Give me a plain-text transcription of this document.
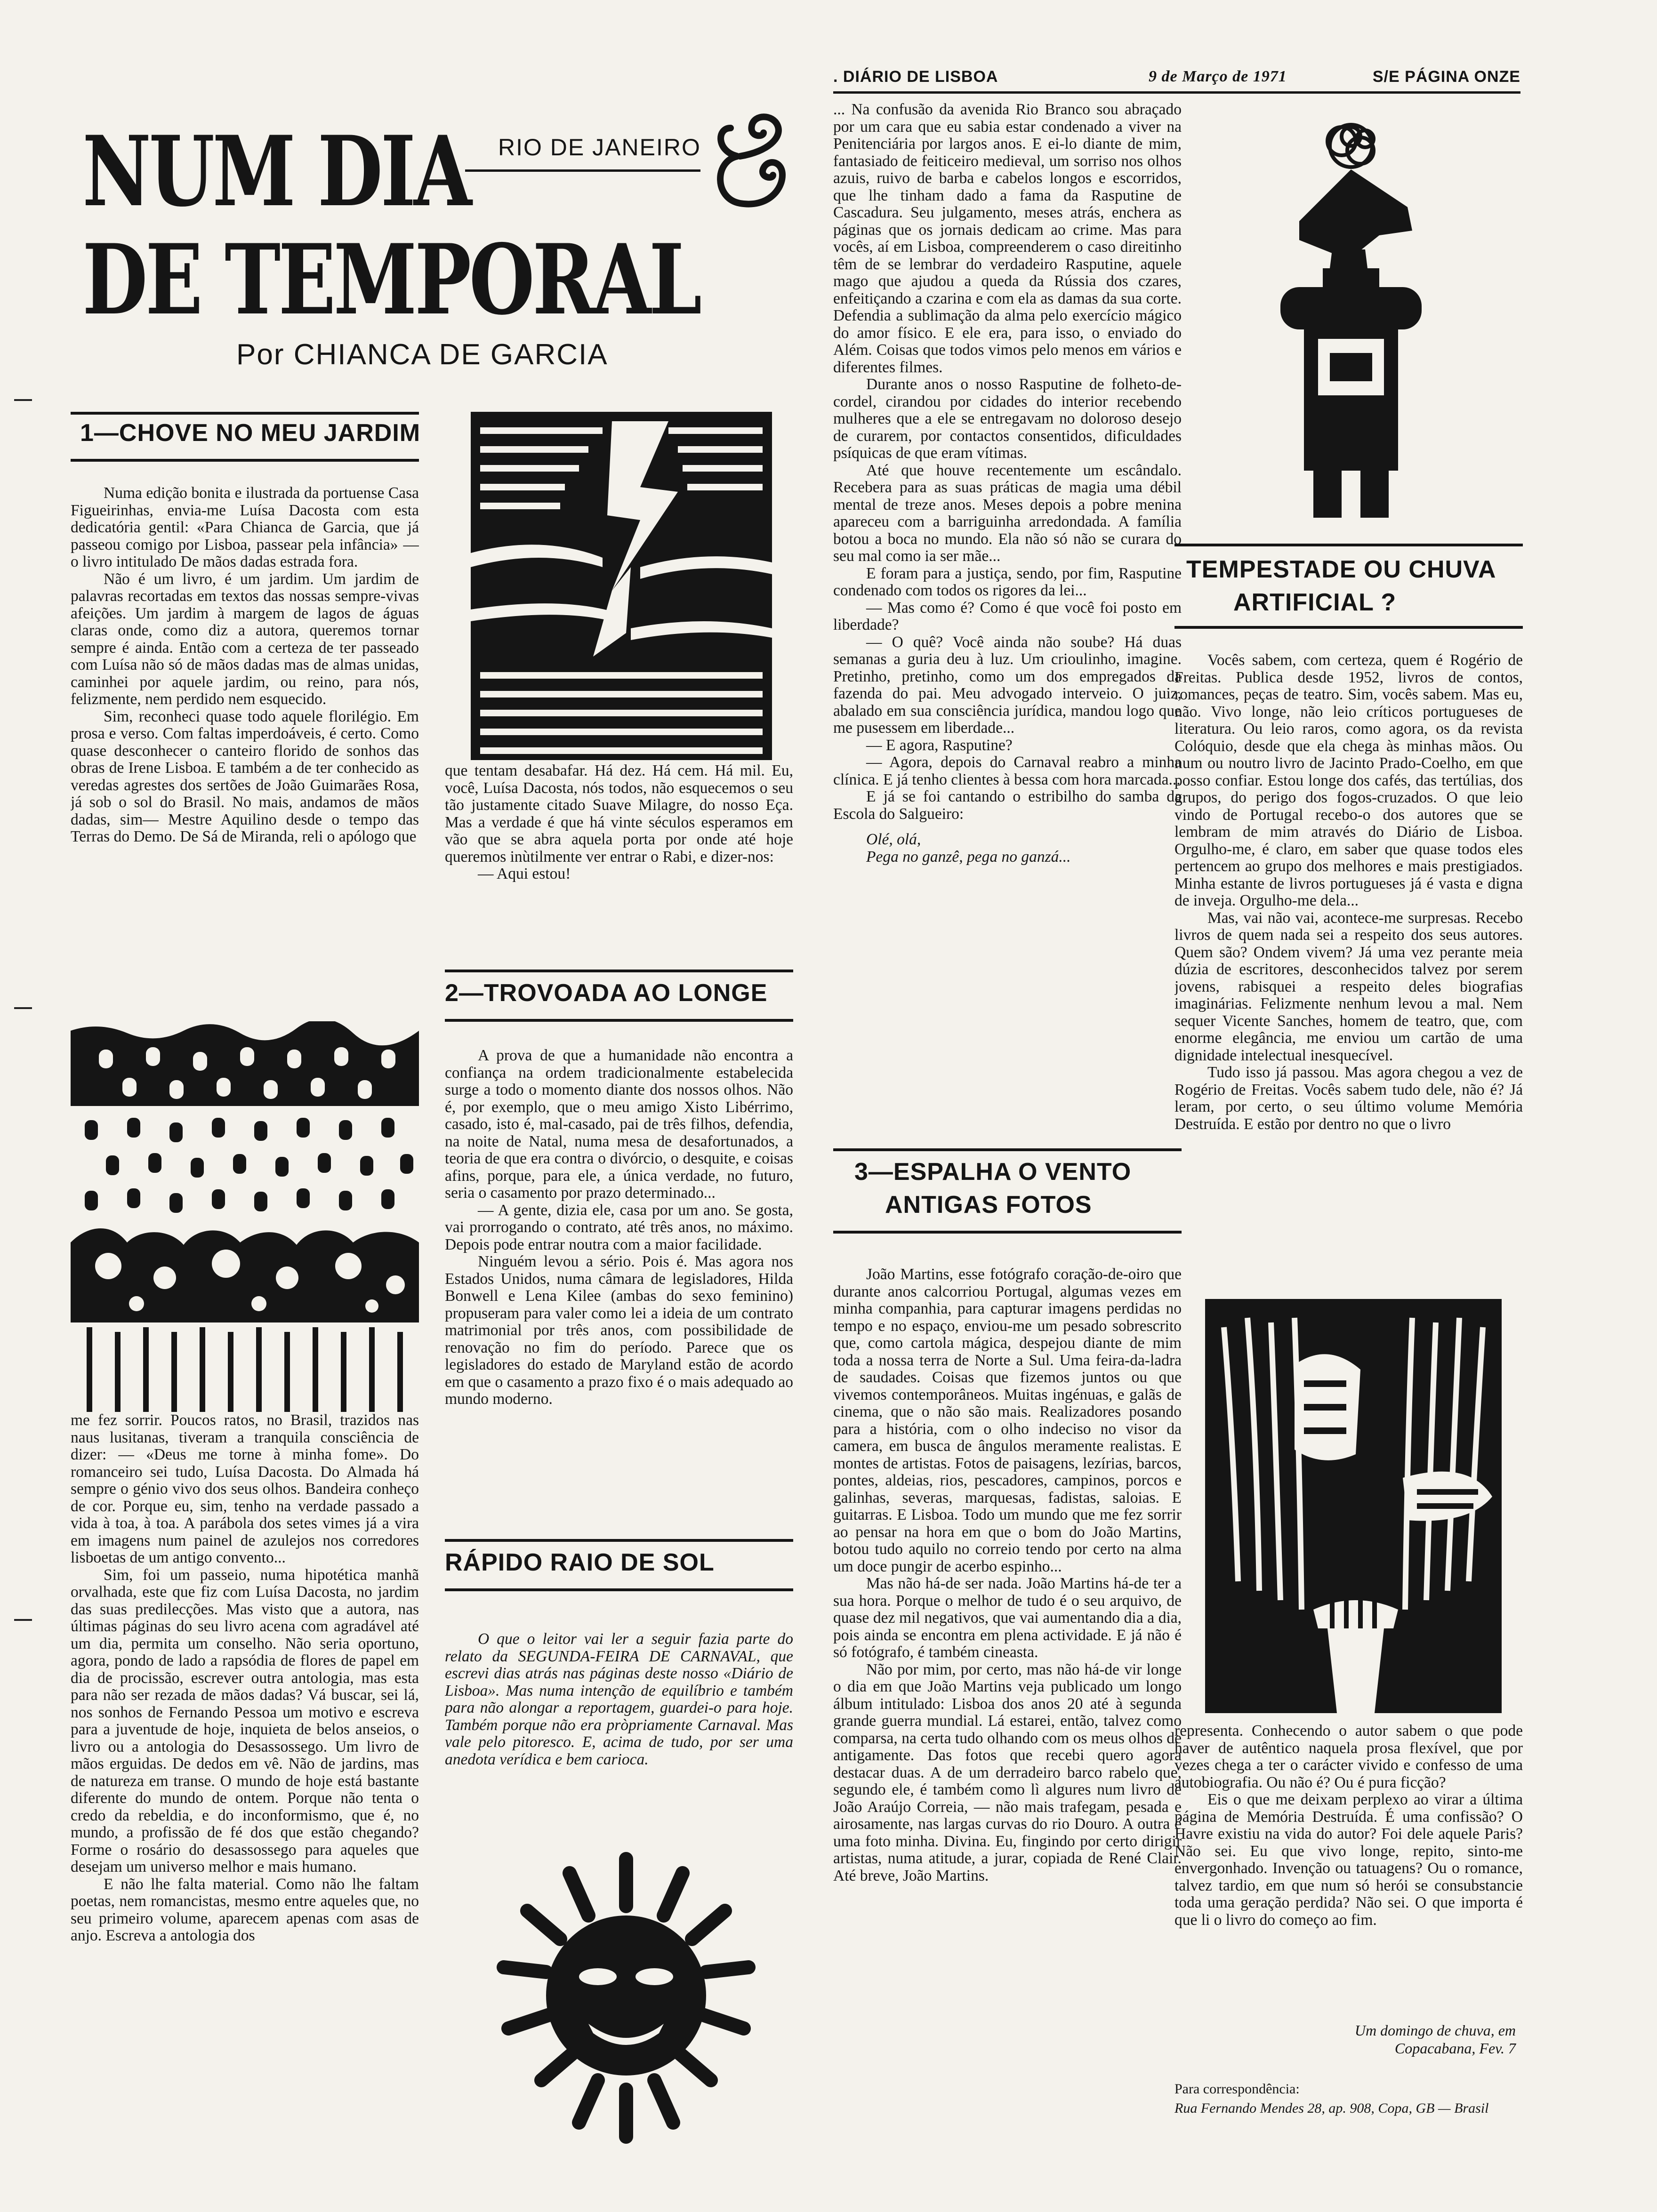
. DIÁRIO DE LISBOA	9 de Março de 1971	S/E PÁGINA ONZE
NUM DIA
DE TEMPORAL
RIO DE JANEIRO
Por CHIANCA DE GARCIA
1—CHOVE NO MEU JARDIM

Numa edição bonita e ilustrada da portuense Casa Figueirinhas, envia-me Luísa Dacosta com esta dedicatória gentil: «Para Chianca de Garcia, que já passeou comigo por Lisboa, passear pela infância» — o livro intitulado De mãos dadas estrada fora.

Não é um livro, é um jardim. Um jardim de palavras recortadas em textos das nossas sempre-vivas afeições. Um jardim à margem de lagos de águas claras onde, como diz a autora, queremos tornar sempre é ainda. Então com a certeza de ter passeado com Luísa não só de mãos dadas mas de almas unidas, caminhei por aquele jardim, ou reino, para nós, felizmente, nem perdido nem esquecido.

Sim, reconheci quase todo aquele florilégio. Em prosa e verso. Com faltas imperdoáveis, é certo. Como quase desconhecer o canteiro florido de sonhos das obras de Irene Lisboa. E também a de ter conhecido as veredas agrestes dos sertões de João Guimarães Rosa, já sob o sol do Brasil. No mais, andamos de mãos dadas, sim— Mestre Aquilino desde o tempo das Terras do Demo. De Sá de Miranda, reli o apólogo que

me fez sorrir. Poucos ratos, no Brasil, trazidos nas naus lusitanas, tiveram a tranquila consciência de dizer: — «Deus me torne à minha fome». Do romanceiro sei tudo, Luísa Dacosta. Do Almada há sempre o génio vivo dos seus olhos. Bandeira conheço de cor. Porque eu, sim, tenho na verdade passado a vida à toa, à toa. A parábola dos setes vimes já a vira em imagens num painel de azulejos nos corredores lisboetas de um antigo convento...

Sim, foi um passeio, numa hipotética manhã orvalhada, este que fiz com Luísa Dacosta, no jardim das suas predilecções. Mas visto que a autora, nas últimas páginas do seu livro acena com agradável até um dia, permita um conselho. Não seria oportuno, agora, pondo de lado a rapsódia de flores de papel em dia de procissão, escrever outra antologia, mas esta para não ser rezada de mãos dadas? Vá buscar, sei lá, nos sonhos de Fernando Pessoa um motivo e escreva para a juventude de hoje, inquieta de belos anseios, o livro ou a antologia do Desassossego. Um livro de mãos erguidas. De dedos em vê. Não de jardins, mas de natureza em transe. O mundo de hoje está bastante diferente do mundo de ontem. Porque não tenta o credo da rebeldia, e do inconformismo, que é, no mundo, a profissão de fé dos que estão chegando? Forme o rosário do desassossego para aqueles que desejam um universo melhor e mais humano.

E não lhe falta material. Como não lhe faltam poetas, nem romancistas, mesmo entre aqueles que, no seu primeiro volume, aparecem apenas com asas de anjo. Escreva a antologia dos

que tentam desabafar. Há dez. Há cem. Há mil. Eu, você, Luísa Dacosta, nós todos, não esquecemos o seu tão justamente citado Suave Milagre, do nosso Eça. Mas a verdade é que há vinte séculos esperamos em vão que se abra aquela porta por onde até hoje queremos inùtilmente ver entrar o Rabi, e dizer-nos:

— Aqui estou!

2—TROVOADA AO LONGE

A prova de que a humanidade não encontra a confiança na ordem tradicionalmente estabelecida surge a todo o momento diante dos nossos olhos. Não é, por exemplo, que o meu amigo Xisto Libérrimo, casado, isto é, mal-casado, pai de três filhos, defendia, na noite de Natal, numa mesa de desafortunados, a teoria de que era contra o divórcio, o desquite, e coisas afins, porque, para ele, a única verdade, no futuro, seria o casamento por prazo determinado...

— A gente, dizia ele, casa por um ano. Se gosta, vai prorrogando o contrato, até três anos, no máximo. Depois pode entrar noutra com a maior facilidade.

Ninguém levou a sério. Pois é. Mas agora nos Estados Unidos, numa câmara de legisladores, Hilda Bonwell e Lena Kilee (ambas do sexo feminino) propuseram para valer como lei a ideia de um contrato matrimonial por três anos, com possibilidade de renovação no fim do período. Parece que os legisladores do estado de Maryland estão de acordo em que o casamento a prazo fixo é o mais adequado ao mundo moderno.

RÁPIDO RAIO DE SOL

O que o leitor vai ler a seguir fazia parte do relato da SEGUNDA-FEIRA DE CARNAVAL, que escrevi dias atrás nas páginas deste nosso «Diário de Lisboa». Mas numa intenção de equilíbrio e também para não alongar a reportagem, guardei-o para hoje. Também porque não era pròpriamente Carnaval. Mas vale pelo pitoresco. E, acima de tudo, por ser uma anedota verídica e bem carioca.

... Na confusão da avenida Rio Branco sou abraçado por um cara que eu sabia estar condenado a viver na Penitenciária por largos anos. E ei-lo diante de mim, fantasiado de feiticeiro medieval, um sorriso nos olhos azuis, ruivo de barba e cabelos longos e escorridos, que lhe tinham dado a fama da Rasputine de Cascadura. Seu julgamento, meses atrás, enchera as páginas que os jornais dedicam ao crime. Mas para vocês, aí em Lisboa, compreenderem o caso direitinho têm de se lembrar do verdadeiro Rasputine, aquele mago que ajudou a queda da Rússia dos czares, enfeitiçando a czarina e com ela as damas da sua corte. Defendia a sublimação da alma pelo exercício mágico do amor físico. E ele era, para isso, o enviado do Além. Coisas que todos vimos pelo menos em vários e diferentes filmes.

Durante anos o nosso Rasputine de folheto-de-cordel, cirandou por cidades do interior recebendo mulheres que a ele se entregavam no doloroso desejo de curarem, por contactos consentidos, dificuldades psíquicas de que eram vítimas.

Até que houve recentemente um escândalo. Recebera para as suas práticas de magia uma débil mental de treze anos. Meses depois a pobre menina apareceu com a barriguinha arredondada. A família botou a boca no mundo. Ela não só não se curara do seu mal como ia ser mãe...

E foram para a justiça, sendo, por fim, Rasputine condenado com todos os rigores da lei...

— Mas como é? Como é que você foi posto em liberdade?

— O quê? Você ainda não soube? Há duas semanas a guria deu à luz. Um crioulinho, imagine. Pretinho, pretinho, como um dos empregados da fazenda do pai. Meu advogado interveio. O juiz, abalado em sua consciência jurídica, mandou logo que me pusessem em liberdade...

— E agora, Rasputine?

— Agora, depois do Carnaval reabro a minha clínica. E já tenho clientes à bessa com hora marcada...

E já se foi cantando o estribilho do samba da Escola do Salgueiro:

Olé, olá,

Pega no ganzê, pega no ganzá...

3—ESPALHA O VENTO
ANTIGAS FOTOS

João Martins, esse fotógrafo coração-de-oiro que durante anos calcorriou Portugal, algumas vezes em minha companhia, para capturar imagens perdidas no tempo e no espaço, enviou-me um pesado sobrescrito que, como cartola mágica, despejou diante de mim toda a nossa terra de Norte a Sul. Uma feira-da-ladra de saudades. Coisas que fizemos juntos ou que vivemos contemporâneos. Muitas ingénuas, e galãs de cinema, que o não são mais. Realizadores posando para a história, com o olho indeciso no visor da camera, em busca de ângulos meramente realistas. E montes de artistas. Fotos de paisagens, lezírias, barcos, pontes, aldeias, rios, pescadores, campinos, porcos e galinhas, severas, marquesas, fadistas, saloias. E guitarras. E Lisboa. Todo um mundo que me fez sorrir ao pensar na hora em que o bom do João Martins, botou tudo aquilo no correio tendo por certo na alma um doce pungir de acerbo espinho...

Mas não há-de ser nada. João Martins há-de ter a sua hora. Porque o melhor de tudo é o seu arquivo, de quase dez mil negativos, que vai aumentando dia a dia, pois ainda se encontra em plena actividade. E já não é só fotógrafo, é também cineasta.

Não por mim, por certo, mas não há-de vir longe o dia em que João Martins veja publicado um longo álbum intitulado: Lisboa dos anos 20 até à segunda grande guerra mundial. Lá estarei, então, talvez como comparsa, na certa tudo olhando com os meus olhos de antigamente. Das fotos que recebi quero agora destacar duas. A de um derradeiro barco rabelo que, segundo ele, é também como lì algures num livro de João Araújo Correia, — não mais trafegam, pesada e airosamente, nas largas curvas do rio Douro. A outra é uma foto minha. Divina. Eu, fingindo por certo dirigir artistas, numa atitude, a jurar, copiada de René Clair. Até breve, João Martins.

TEMPESTADE OU CHUVA
ARTIFICIAL ?

Vocês sabem, com certeza, quem é Rogério de Freitas. Publica desde 1952, livros de contos, romances, peças de teatro. Sim, vocês sabem. Mas eu, não. Vivo longe, não leio críticos portugueses de literatura. Ou leio raros, como agora, os da revista Colóquio, desde que ela chega às minhas mãos. Ou num ou noutro livro de Jacinto Prado-Coelho, em que posso confiar. Estou longe dos cafés, das tertúlias, dos grupos, do perigo dos fogos-cruzados. O que leio vindo de Portugal recebo-o dos autores que se lembram de mim através do Diário de Lisboa. Orgulho-me, é claro, em saber que quase todos eles pertencem ao grupo dos melhores e mais prestigiados. Minha estante de livros portugueses já é vasta e digna de inveja. Orgulho-me dela...

Mas, vai não vai, acontece-me surpresas. Recebo livros de quem nada sei a respeito dos seus autores. Quem são? Ondem vivem? Já uma vez perante meia dúzia de escritores, desconhecidos talvez por serem jovens, rabisquei a respeito deles biografias imaginárias. Felizmente nenhum levou a mal. Nem sequer Vicente Sanches, homem de teatro, que, com enorme elegância, me enviou um cartão de uma dignidade intelectual inesquecível.

Tudo isso já passou. Mas agora chegou a vez de Rogério de Freitas. Vocês sabem tudo dele, não é? Já leram, por certo, o seu último volume Memória Destruída. E estão por dentro no que o livro

representa. Conhecendo o autor sabem o que pode haver de autêntico naquela prosa flexível, que por vezes chega a ter o carácter vivido e confesso de uma autobiografia. Ou não é? Ou é pura ficção?

Eis o que me deixam perplexo ao virar a última página de Memória Destruída. É uma confissão? O Havre existiu na vida do autor? Foi dele aquele Paris? Não sei. Eu que vivo longe, repito, sinto-me envergonhado. Invenção ou tatuagens? Ou o romance, talvez tardio, em que num só herói se consubstancie toda uma geração perdida? Não sei. O que importa é que li o livro do começo ao fim.

Um domingo de chuva, em
Copacabana, Fev. 7
Para correspondência:
Rua Fernando Mendes 28, ap. 908, Copa, GB — Brasil
